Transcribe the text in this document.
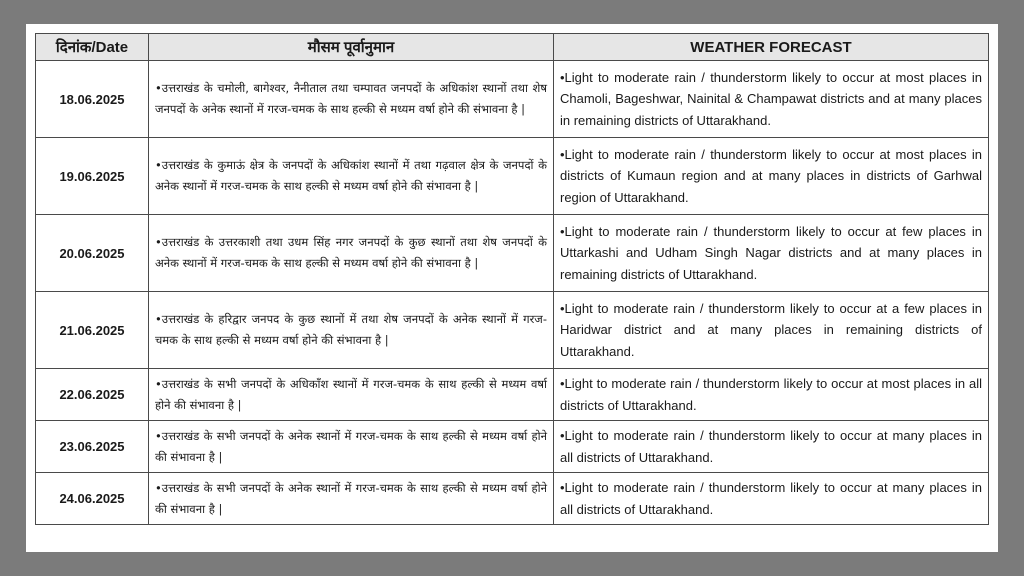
दिनांक/Date	मौसम पूर्वानुमान	WEATHER FORECAST
18.06.2025	•उत्तराखंड के चमोली, बागेश्वर, नैनीताल तथा चम्पावत जनपदों के अधिकांश स्थानों तथा शेष जनपदों के अनेक स्थानों में गरज-चमक के साथ हल्की से मध्यम वर्षा होने की संभावना है |	•Light to moderate rain / thunderstorm likely to occur at most places in Chamoli, Bageshwar, Nainital & Champawat districts and at many places in remaining districts of Uttarakhand.
19.06.2025	•उत्तराखंड के कुमाऊं क्षेत्र के जनपदों के अधिकांश स्थानों में तथा गढ़वाल क्षेत्र के जनपदों के अनेक स्थानों में गरज-चमक के साथ हल्की से मध्यम वर्षा होने की संभावना है |	•Light to moderate rain / thunderstorm likely to occur at most places in districts of Kumaun region and at many places in districts of Garhwal region of Uttarakhand.
20.06.2025	•उत्तराखंड के उत्तरकाशी तथा उधम सिंह नगर जनपदों के कुछ स्थानों तथा शेष जनपदों के अनेक स्थानों में गरज-चमक के साथ हल्की से मध्यम वर्षा होने की संभावना है |	•Light to moderate rain / thunderstorm likely to occur at few places in Uttarkashi and Udham Singh Nagar districts and at many places in remaining districts of Uttarakhand.
21.06.2025	•उत्तराखंड के हरिद्वार जनपद के कुछ स्थानों में तथा शेष जनपदों के अनेक स्थानों में गरज-चमक के साथ हल्की से मध्यम वर्षा होने की संभावना है |	•Light to moderate rain / thunderstorm likely to occur at a few places in Haridwar district and at many places in remaining districts of Uttarakhand.
22.06.2025	•उत्तराखंड के सभी जनपदों के अधिकाँश स्थानों में गरज-चमक के साथ हल्की से मध्यम वर्षा होने की संभावना है |	•Light to moderate rain / thunderstorm likely to occur at most places in all districts of Uttarakhand.
23.06.2025	•उत्तराखंड के सभी जनपदों के अनेक स्थानों में गरज-चमक के साथ हल्की से मध्यम वर्षा होने की संभावना है |	•Light to moderate rain / thunderstorm likely to occur at many places in all districts of Uttarakhand.
24.06.2025	•उत्तराखंड के सभी जनपदों के अनेक स्थानों में गरज-चमक के साथ हल्की से मध्यम वर्षा होने की संभावना है |	•Light to moderate rain / thunderstorm likely to occur at many places in all districts of Uttarakhand.
